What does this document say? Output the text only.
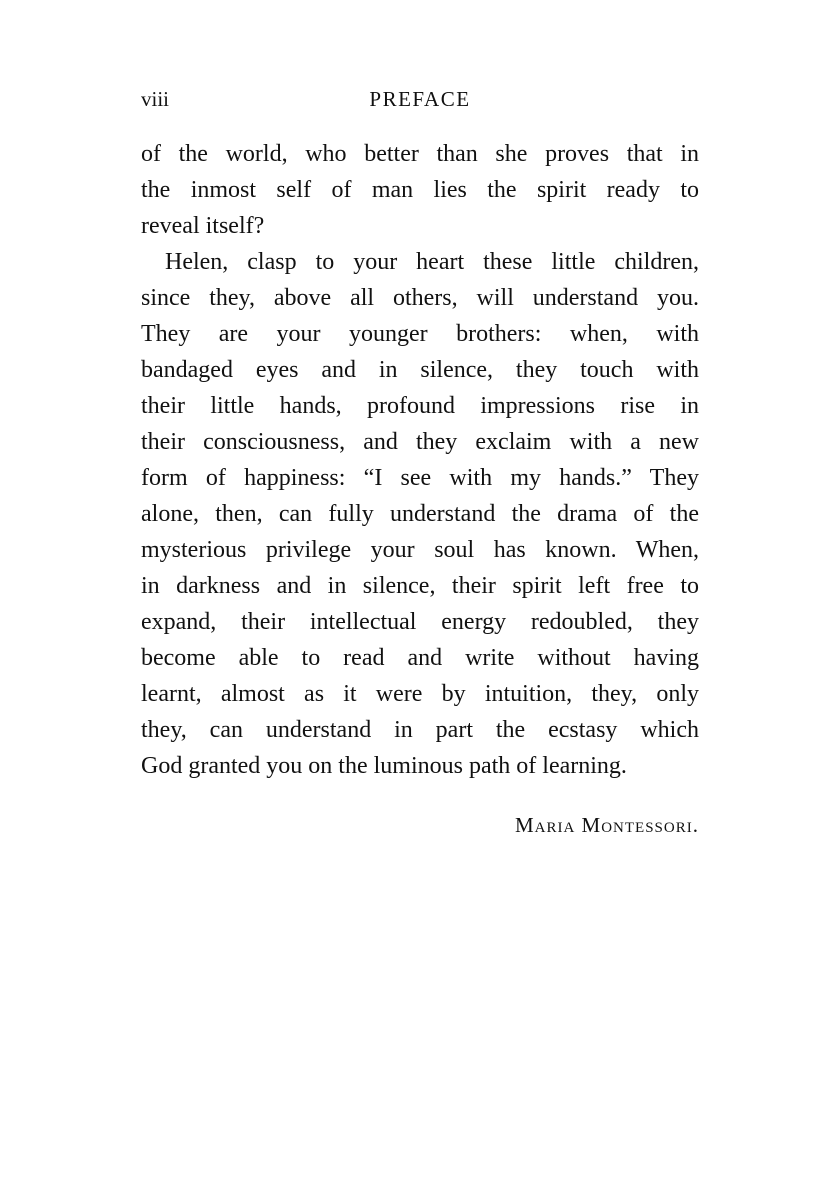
viii	PREFACE
of the world, who better than she proves that in
the inmost self of man lies the spirit ready to
reveal itself?
Helen, clasp to your heart these little children,
since they, above all others, will understand you.
They are your younger brothers: when, with
bandaged eyes and in silence, they touch with
their little hands, profound impressions rise in
their consciousness, and they exclaim with a new
form of happiness: “I see with my hands.” They
alone, then, can fully understand the drama of the
mysterious privilege your soul has known. When,
in darkness and in silence, their spirit left free to
expand, their intellectual energy redoubled, they
become able to read and write without having
learnt, almost as it were by intuition, they, only
they, can understand in part the ecstasy which
God granted you on the luminous path of learning.
Maria Montessori.
